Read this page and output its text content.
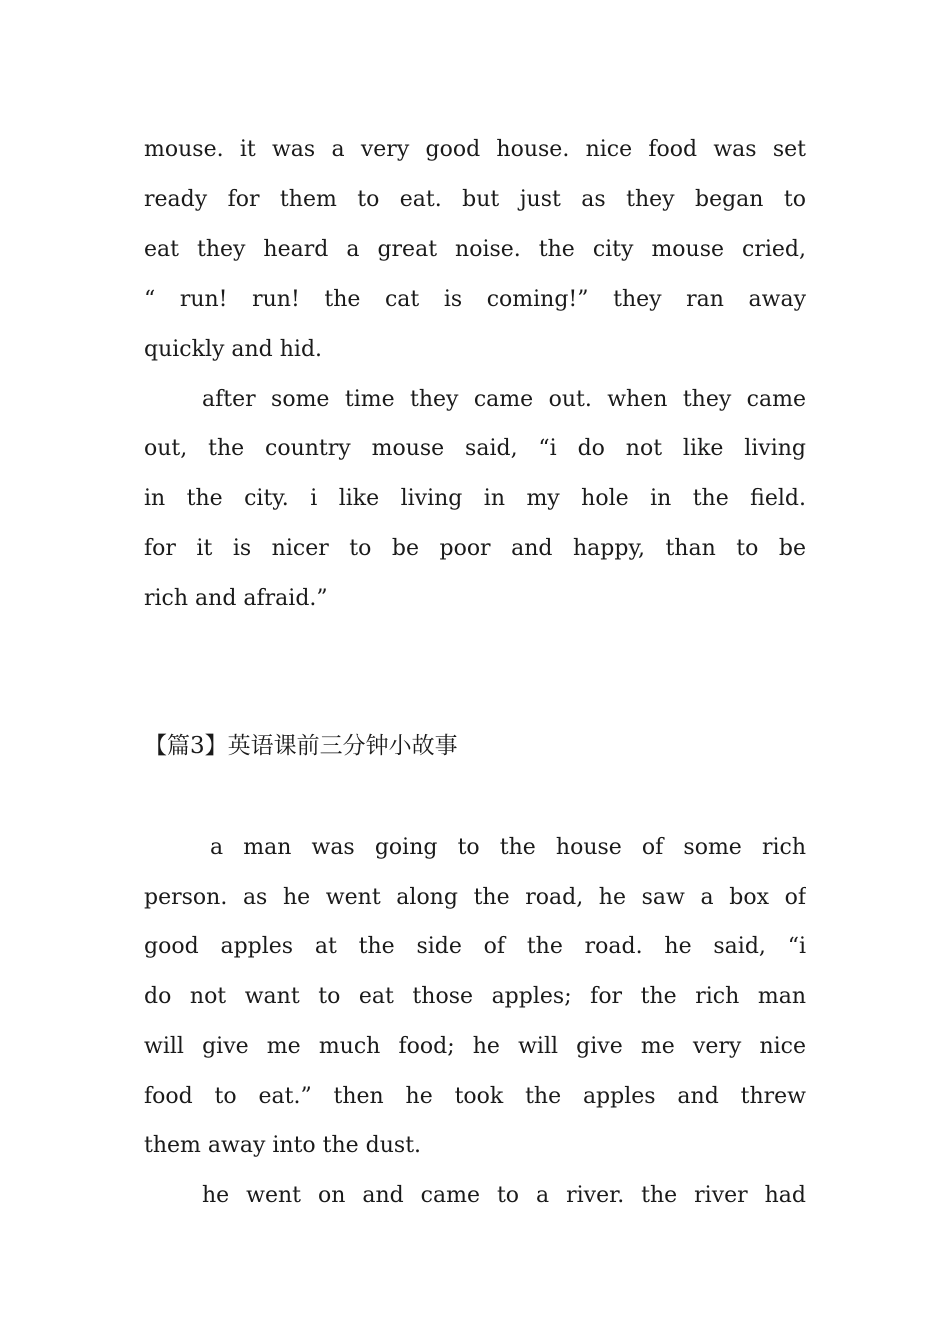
mouse. it was a very good house. nice food was set
ready for them to eat. but just as they began to
eat they heard a great noise. the city mouse cried,
“ run! run! the cat is coming!” they ran away
quickly and hid.
after some time they came out. when they came
out, the country mouse said, “i do not like living
in the city. i like living in my hole in the field.
for it is nicer to be poor and happy, than to be
rich and afraid.”
【篇3】英语课前三分钟小故事
a man was going to the house of some rich
person. as he went along the road, he saw a box of
good apples at the side of the road. he said, “i
do not want to eat those apples; for the rich man
will give me much food; he will give me very nice
food to eat.” then he took the apples and threw
them away into the dust.
he went on and came to a river. the river had
